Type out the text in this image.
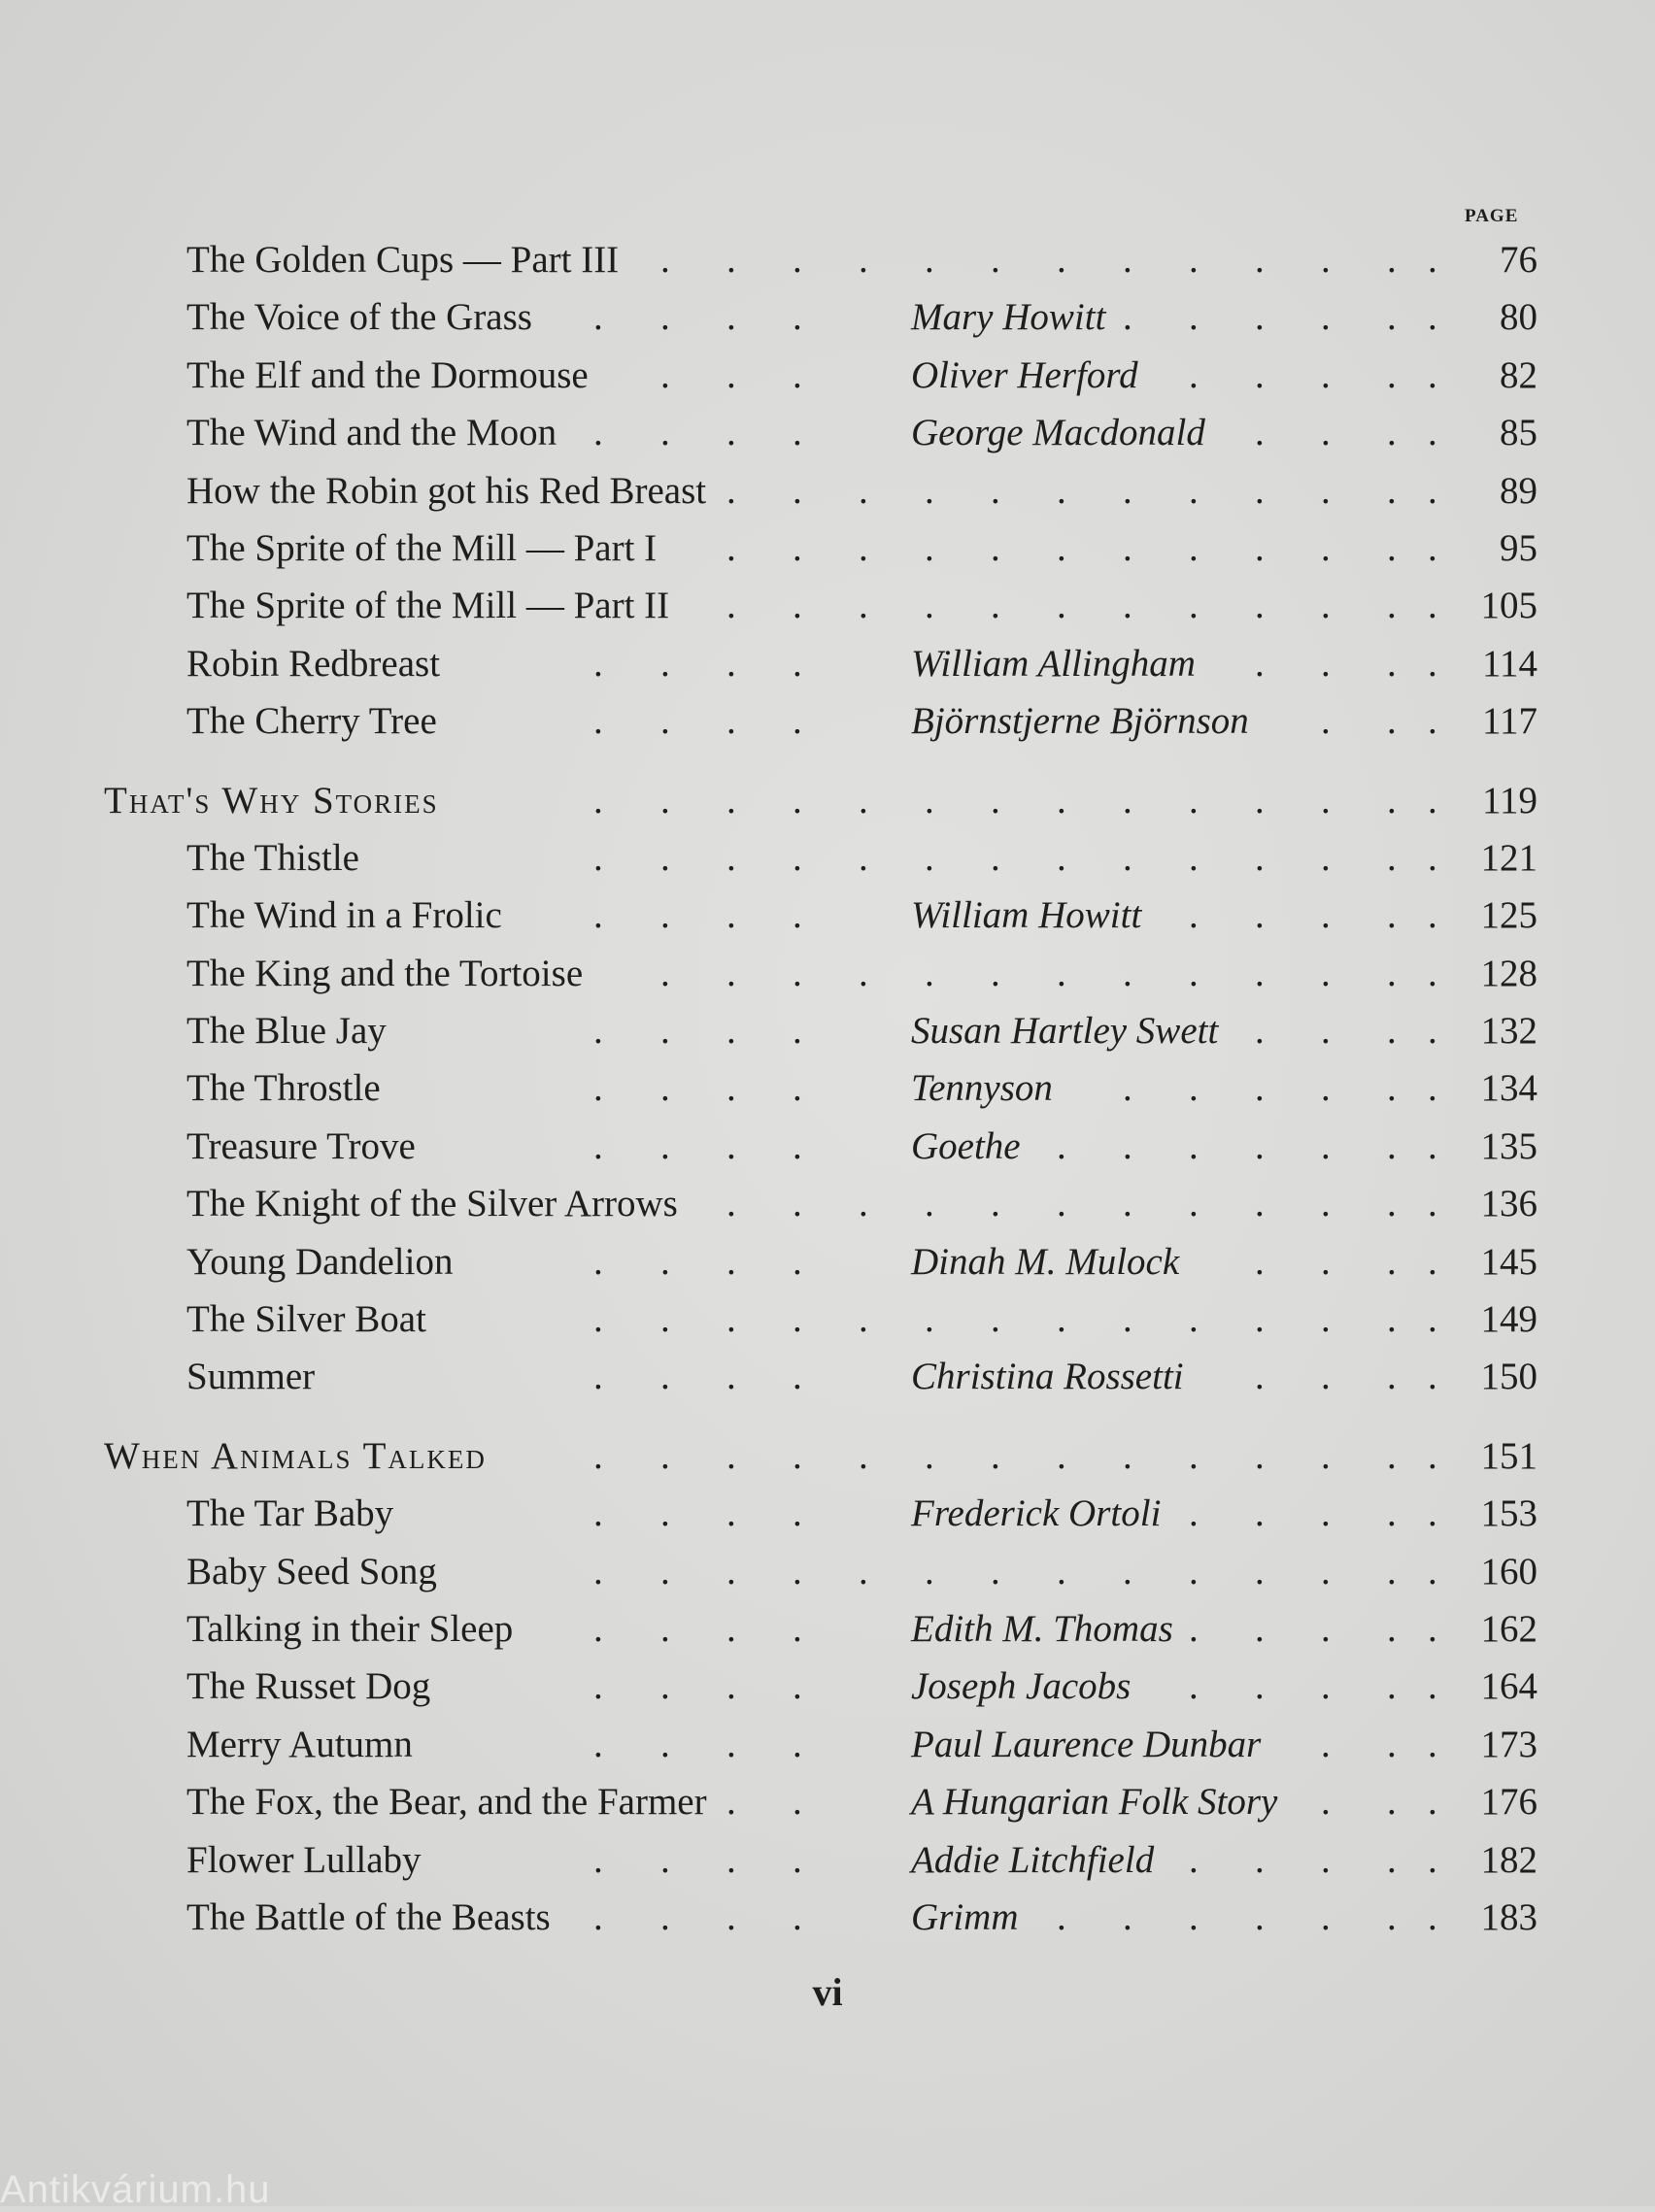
PAGE
The Golden Cups — Part III	76
. . . . . . . . . . . . .
The Voice of the Grass	Mary Howitt	80
. . . .	. . . . . .
The Elf and the Dormouse	Oliver Herford	82
. . .	. . . . .
The Wind and the Moon	George Macdonald	85
. . . .	. . . .
How the Robin got his Red Breast	89
. . . . . . . . . . . .
The Sprite of the Mill — Part I	95
. . . . . . . . . . . .
The Sprite of the Mill — Part II	105
. . . . . . . . . . . .
Robin Redbreast	William Allingham	114
. . . .	. . . .
The Cherry Tree	Björnstjerne Björnson	117
. . . .	. . .
That's Why Stories	119
. . . . . . . . . . . . . .
The Thistle	121
. . . . . . . . . . . . . .
The Wind in a Frolic	William Howitt	125
. . . .	. . . . .
The King and the Tortoise	128
. . . . . . . . . . . . .
The Blue Jay	Susan Hartley Swett	132
. . . .	. . . .
The Throstle	Tennyson	134
. . . .	. . . . . .
Treasure Trove	Goethe	135
. . . .	. . . . . . .
The Knight of the Silver Arrows	136
. . . . . . . . . . . .
Young Dandelion	Dinah M. Mulock	145
. . . .	. . . .
The Silver Boat	149
. . . . . . . . . . . . . .
Summer	Christina Rossetti	150
. . . .	. . . .
When Animals Talked	151
. . . . . . . . . . . . . .
The Tar Baby	Frederick Ortoli	153
. . . .	. . . . .
Baby Seed Song	160
. . . . . . . . . . . . . .
Talking in their Sleep	Edith M. Thomas	162
. . . .	. . . . .
The Russet Dog	Joseph Jacobs	164
. . . .	. . . . .
Merry Autumn	Paul Laurence Dunbar	173
. . . .	. . .
The Fox, the Bear, and the Farmer	A Hungarian Folk Story	176
. .	. . .
Flower Lullaby	Addie Litchfield	182
. . . .	. . . . .
The Battle of the Beasts	Grimm	183
. . . .	. . . . . . .
vi
Antikvárium.hu
